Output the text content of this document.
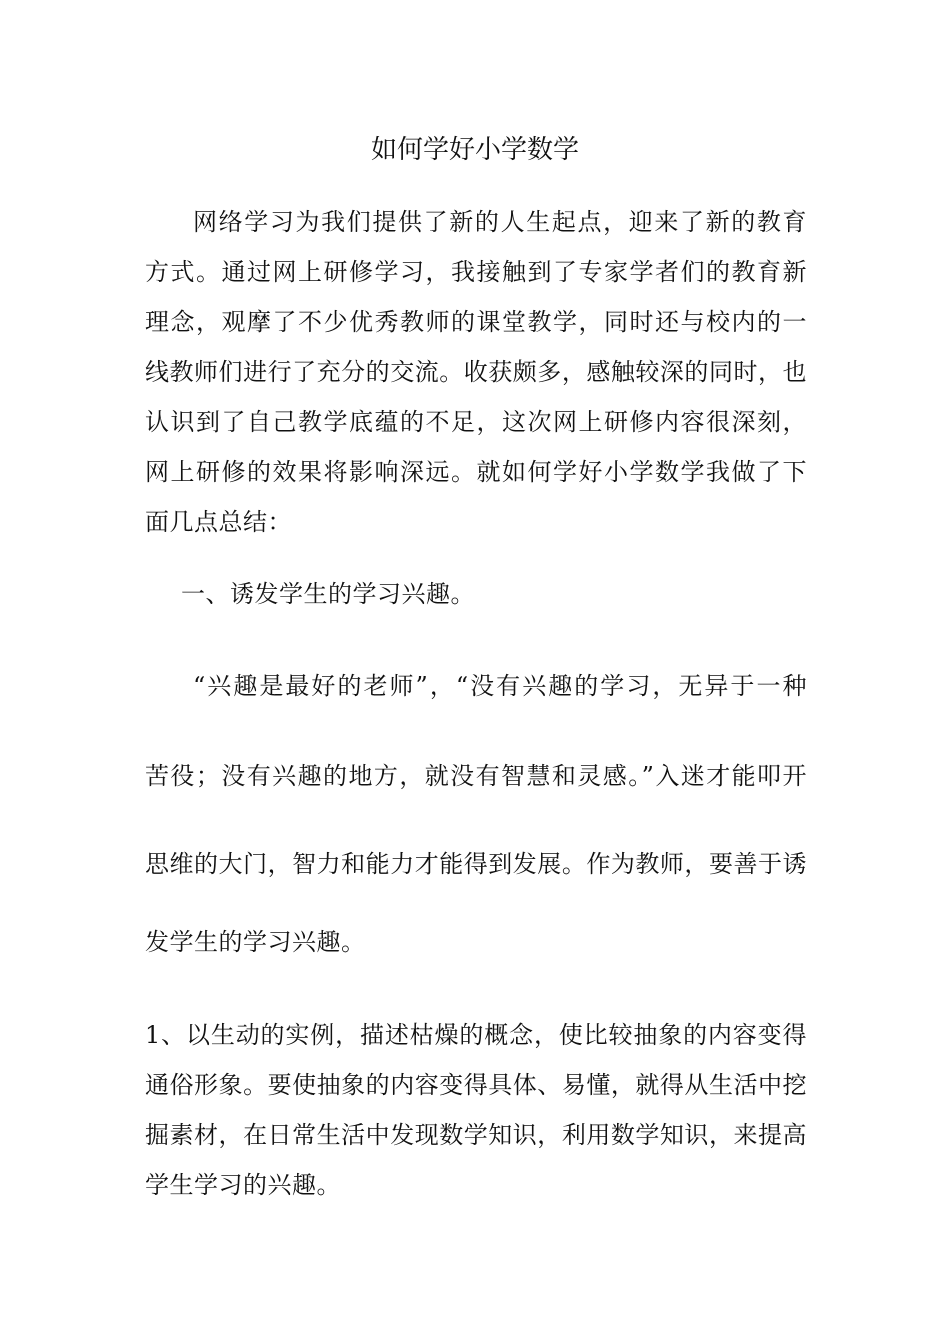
如何学好小学数学
网络学习为我们提供了新的人生起点，迎来了新的教育
方式。通过网上研修学习，我接触到了专家学者们的教育新
理念，观摩了不少优秀教师的课堂教学，同时还与校内的一
线教师们进行了充分的交流。收获颇多，感触较深的同时，也
认识到了自己教学底蕴的不足，这次网上研修内容很深刻，
网上研修的效果将影响深远。就如何学好小学数学我做了下
面几点总结：
一、诱发学生的学习兴趣。
“兴趣是最好的老师”，“没有兴趣的学习，无异于一种
苦役；没有兴趣的地方，就没有智慧和灵感。”入迷才能叩开
思维的大门，智力和能力才能得到发展。作为教师，要善于诱
发学生的学习兴趣。
1、以生动的实例，描述枯燥的概念，使比较抽象的内容变得
通俗形象。要使抽象的内容变得具体、易懂，就得从生活中挖
掘素材，在日常生活中发现数学知识，利用数学知识，来提高
学生学习的兴趣。
